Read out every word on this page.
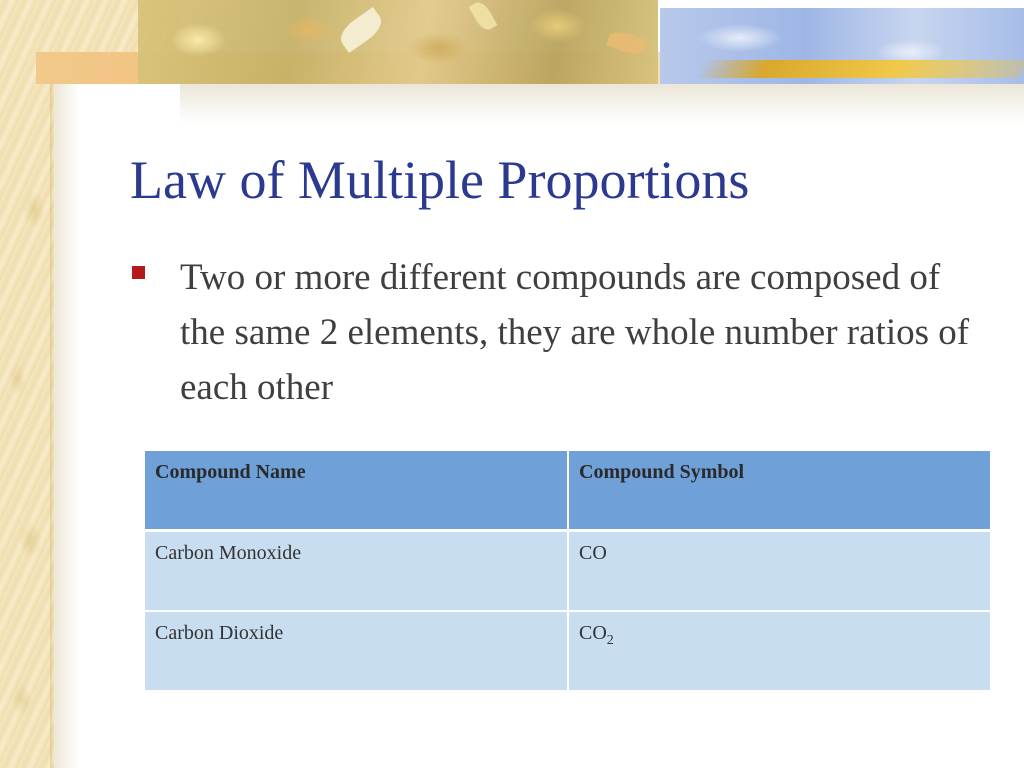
Law of Multiple Proportions
Two or more different compounds are composed of the same 2 elements, they are whole number ratios of each other
Compound Name	Compound Symbol
Carbon Monoxide	CO
Carbon Dioxide	$CO_2$
